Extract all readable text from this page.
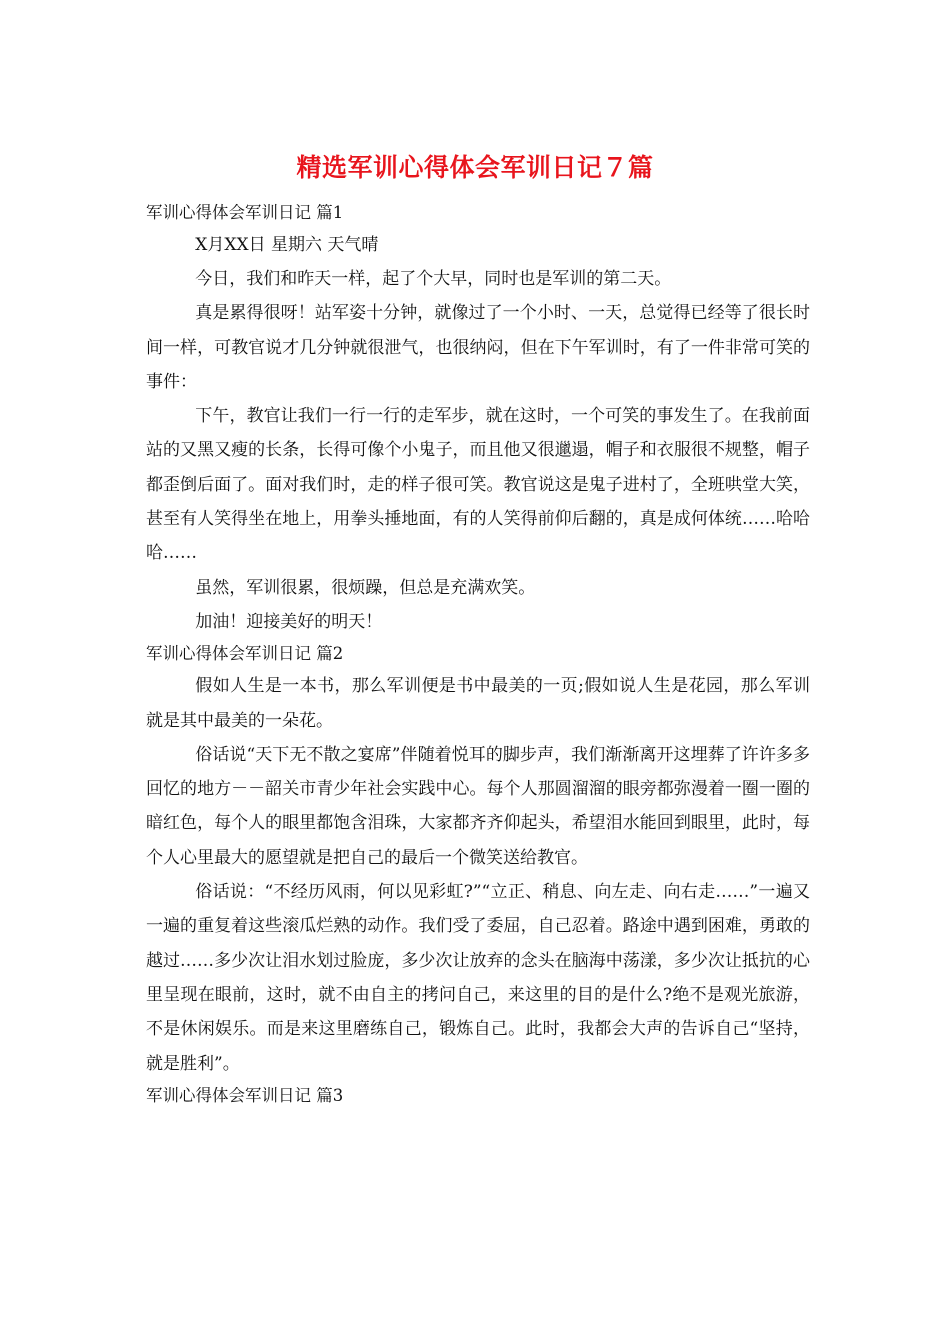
精选军训心得体会军训日记７篇

军训心得体会军训日记 篇1

X月XX日 星期六 天气晴

今日，我们和昨天一样，起了个大早，同时也是军训的第二天。

真是累得很呀！站军姿十分钟，就像过了一个小时、一天，总觉得已经等了很长时间一样，可教官说才几分钟就很泄气，也很纳闷，但在下午军训时，有了一件非常可笑的事件：

下午，教官让我们一行一行的走军步，就在这时，一个可笑的事发生了。在我前面站的又黑又瘦的长条，长得可像个小鬼子，而且他又很邋遢，帽子和衣服很不规整，帽子都歪倒后面了。面对我们时，走的样子很可笑。教官说这是鬼子进村了，全班哄堂大笑，甚至有人笑得坐在地上，用拳头捶地面，有的人笑得前仰后翻的，真是成何体统……哈哈哈……

虽然，军训很累，很烦躁，但总是充满欢笑。

加油！迎接美好的明天！

军训心得体会军训日记 篇2

假如人生是一本书，那么军训便是书中最美的一页;假如说人生是花园，那么军训就是其中最美的一朵花。

俗话说“天下无不散之宴席”伴随着悦耳的脚步声，我们渐渐离开这埋葬了许许多多回忆的地方－－韶关市青少年社会实践中心。每个人那圆溜溜的眼旁都弥漫着一圈一圈的暗红色，每个人的眼里都饱含泪珠，大家都齐齐仰起头，希望泪水能回到眼里，此时，每个人心里最大的愿望就是把自己的最后一个微笑送给教官。

俗话说：“不经历风雨，何以见彩虹?”“立正、稍息、向左走、向右走……”一遍又一遍的重复着这些滚瓜烂熟的动作。我们受了委屈，自己忍着。路途中遇到困难，勇敢的越过……多少次让泪水划过脸庞，多少次让放弃的念头在脑海中荡漾，多少次让抵抗的心里呈现在眼前，这时，就不由自主的拷问自己，来这里的目的是什么?绝不是观光旅游，不是休闲娱乐。而是来这里磨练自己，锻炼自己。此时，我都会大声的告诉自己“坚持，就是胜利”。

军训心得体会军训日记 篇3
